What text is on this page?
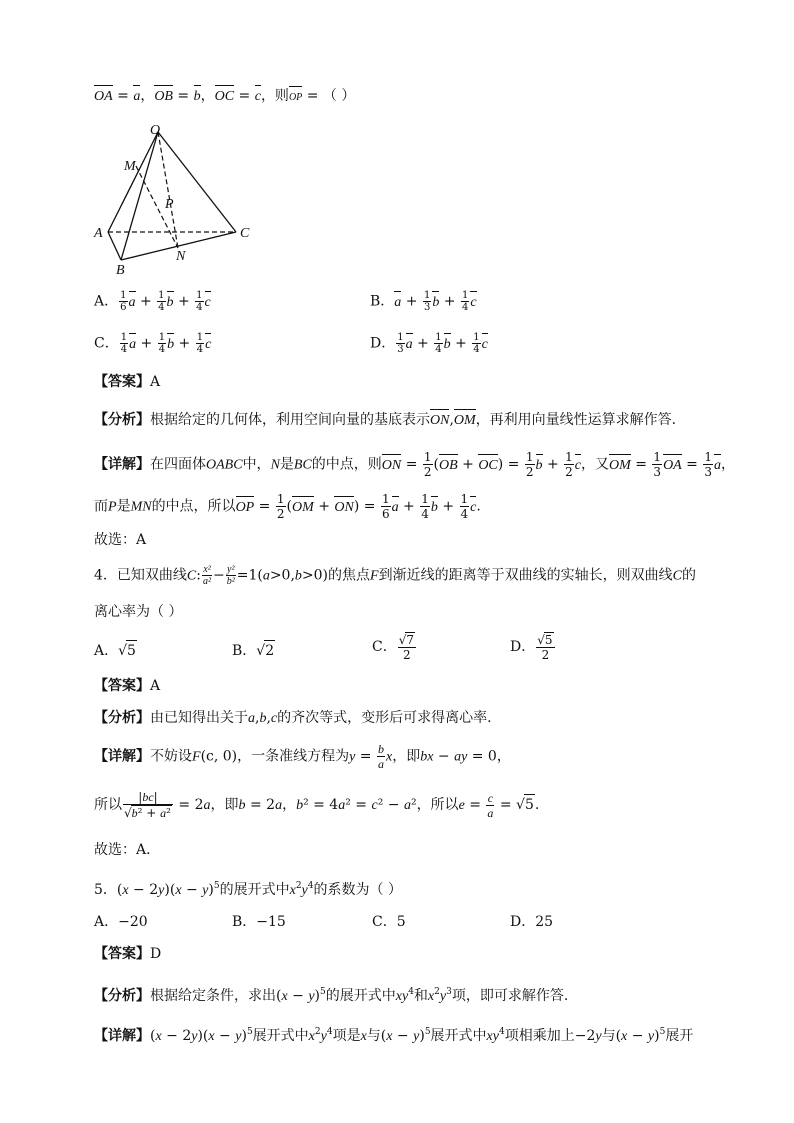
OA = a，OB = b，OC = c，则OP = （ ）
O
M
P
A	C
B
N
A． $\frac{1}{6}$ $a + \frac{1}{4}$ $b + \frac{1}{4}$ c	B．$a + \frac{1}{3}$ $b + \frac{1}{4}$ c
C． $\frac{1}{4}$ $a + \frac{1}{4}$ $b + \frac{1}{4}$ c	D． $\frac{1}{3}$ $a + \frac{1}{4}$ $b + \frac{1}{4}$ c
【答案】A
【分析】根据给定的几何体，利用空间向量的基底表示ON,OM，再利用向量线性运算求解作答.
【详解】在四面体OABC中，N是BC的中点，则ON = $\frac{1}{2} (OB + OC) = \frac{1}{2}$ $b + \frac{1}{2}$ c，又OM = $\frac{1}{3}$ OA = $\frac{1}{3}$ a，
而P是MN的中点，所以OP = $\frac{1}{2} (OM + ON) = \frac{1}{6}$ $a + \frac{1}{4}$ $b + \frac{1}{4} c$.
故选：A
4．已知双曲线C: $\frac{\text{x²}}{\text{a²}} - \frac{\text{y²}}{\text{b²}} =1(a>0,b>0)$的焦点F到渐近线的距离等于双曲线的实轴长，则双曲线C的
离心率为（ ）
A．√5	B．√2	C． $\frac{√7}{2}$	D． $\frac{√5}{2}$
【答案】A
【分析】由已知得出关于a,b,c的齐次等式，变形后可求得离心率.
【详解】不妨设F(c, 0)，一条准线方程为$y = \frac{b}{a}$ x，即bx − ay = 0，
所以 $\frac{|bc|}{\text{√b² + a²}} = 2a$，即b = 2a，b² = 4a² = c² − a²，所以$e = \frac{c}{a} = √5$.
故选：A．
5．$(x - 2y)(x - y)^5$的展开式中$x^2y^4$的系数为（ ）
A．−20	B．−15	C．5	D．25
【答案】D
【分析】根据给定条件，求出$(x - y)^5$的展开式中$xy^4$和$x^2y^3$项，即可求解作答.
【详解】$(x - 2y)(x - y)^5$展开式中$x^2y^4$项是x与$(x - y)^5$展开式中$xy^4$项相乘加上−2y与$(x - y)^5$展开
